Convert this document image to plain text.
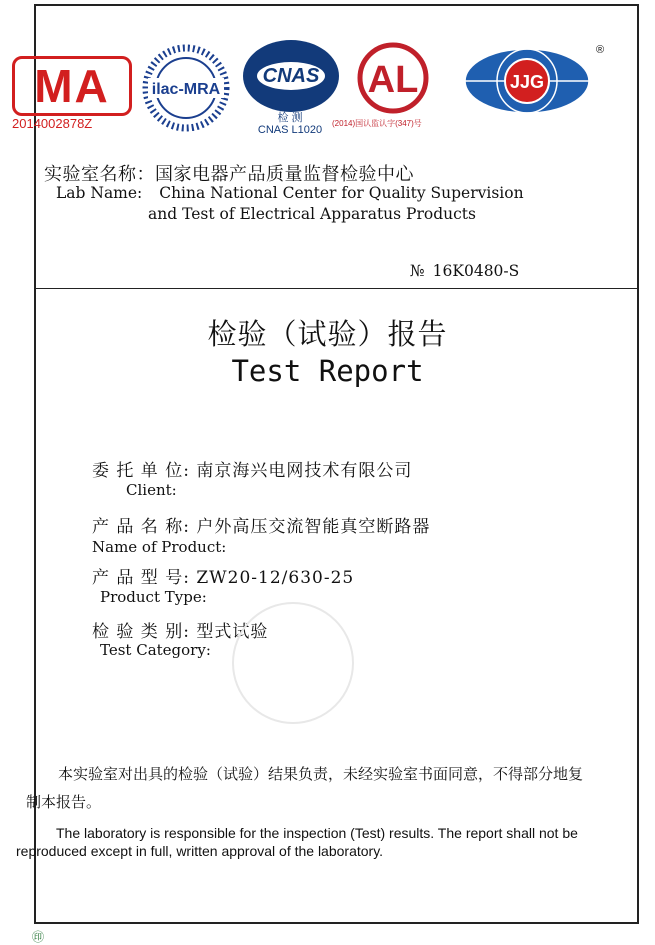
MA
2014002878Z
ilac-MRA
CNAS
检 测
CNAS L1020
AL
(2014)国认监认字(347)号
JJG
®
实验室名称：国家电器产品质量监督检验中心
Lab Name: China National Center for Quality Supervision
and Test of Electrical Apparatus Products
№ 16K0480-S
检验（试验）报告
Test Report
委 托 单 位: 南京海兴电网技术有限公司
Client:
产 品 名 称: 户外高压交流智能真空断路器
Name of Product:
产 品 型 号: ZW20-12/630-25
Product Type:
检 验 类 别: 型式试验
Test Category:
本实验室对出具的检验（试验）结果负责，未经实验室书面同意，不得部分地复制本报告。
The laboratory is responsible for the inspection (Test) results. The report shall not be reproduced except in full, written approval of the laboratory.
㊞
